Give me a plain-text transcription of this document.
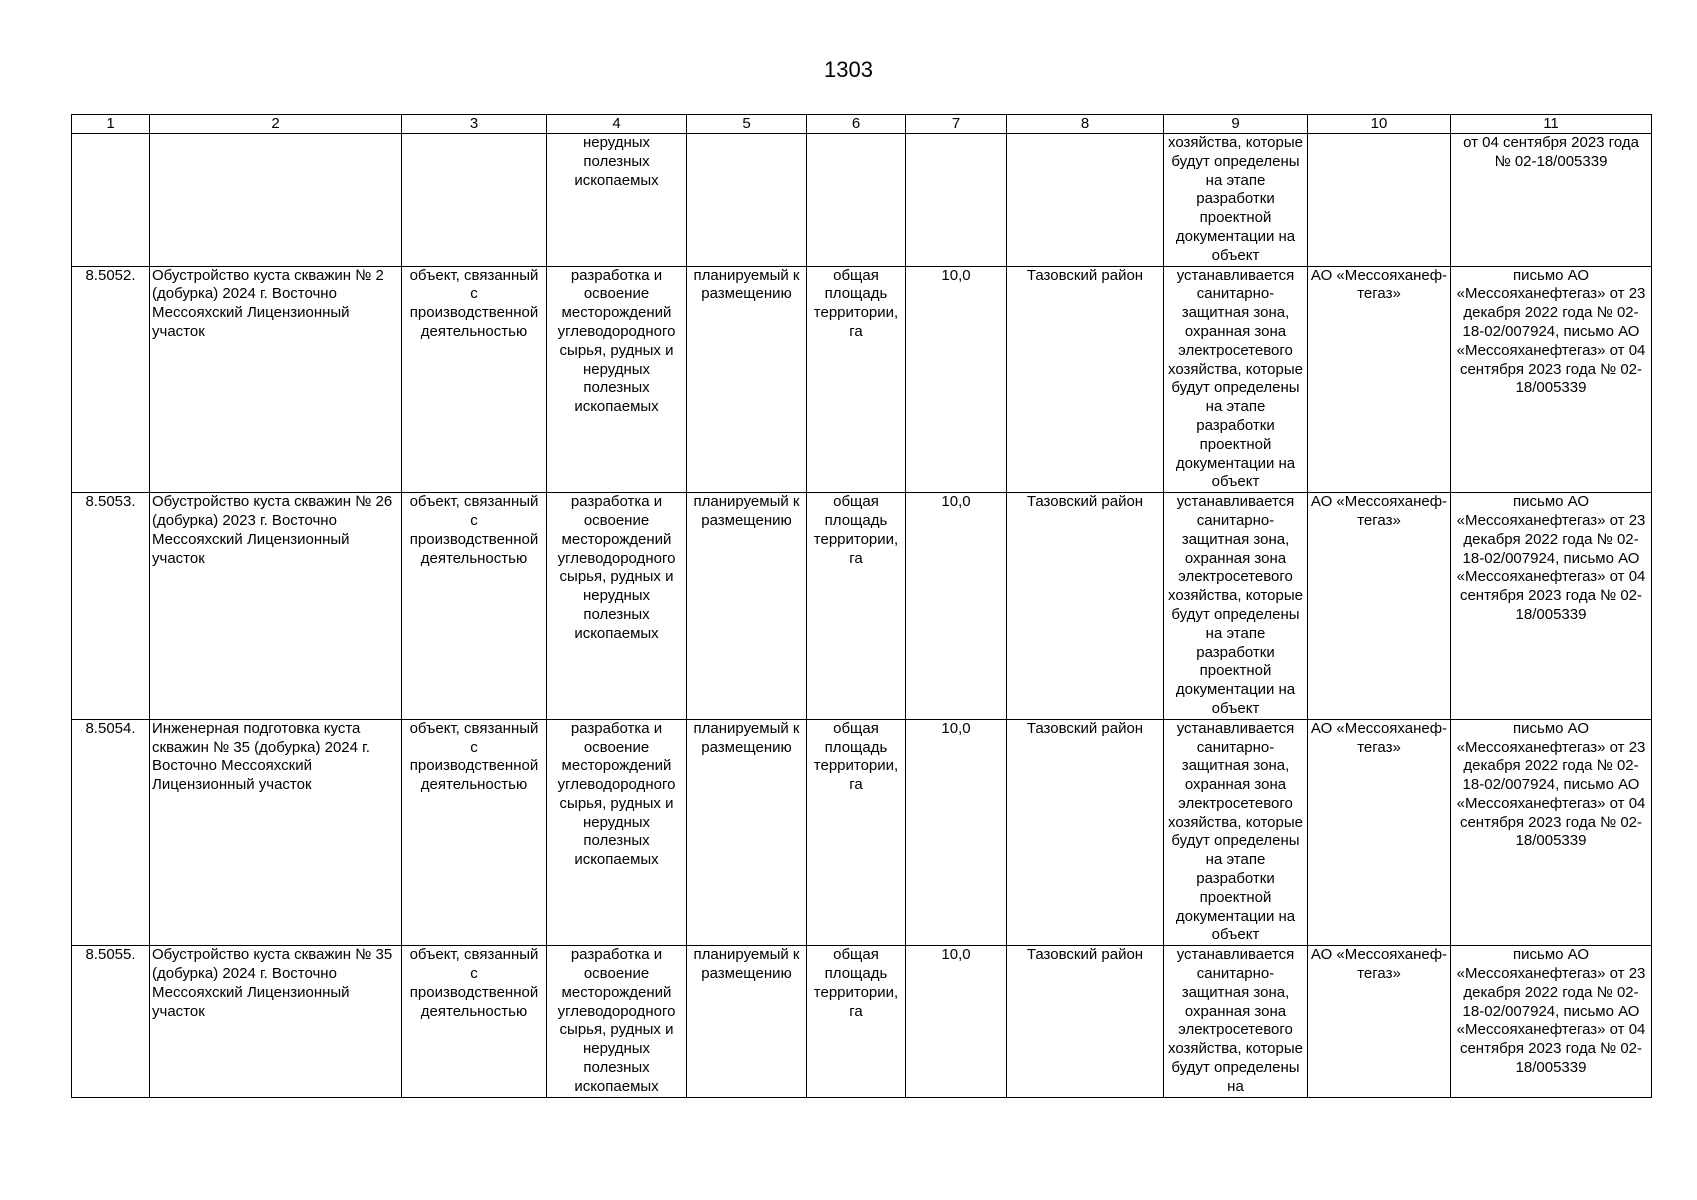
1303
1	2	3	4	5	6	7	8	9	10	11
			нерудных полезных ископаемых					хозяйства, которые будут определены на этапе разработки проектной документации на объект		от 04 сентября 2023 года № 02-18/005339
8.5052.	Обустройство куста скважин № 2 (добурка) 2024 г. Восточно Мессояхский Лицензионный участок	объект, связанный с производственной деятельностью	разработка и освоение месторождений углеводородного сырья, рудных и нерудных полезных ископаемых	планируемый к размещению	общая площадь территории, га	10,0	Тазовский район	устанавливается санитарно-защитная зона, охранная зона электросетевого хозяйства, которые будут определены на этапе разработки проектной документации на объект	АО «Мессояханеф-тегаз»	письмо АО «Мессояханефтегаз» от 23 декабря 2022 года № 02-18-02/007924, письмо АО «Мессояханефтегаз» от 04 сентября 2023 года № 02-18/005339
8.5053.	Обустройство куста скважин № 26 (добурка) 2023 г. Восточно Мессояхский Лицензионный участок	объект, связанный с производственной деятельностью	разработка и освоение месторождений углеводородного сырья, рудных и нерудных полезных ископаемых	планируемый к размещению	общая площадь территории, га	10,0	Тазовский район	устанавливается санитарно-защитная зона, охранная зона электросетевого хозяйства, которые будут определены на этапе разработки проектной документации на объект	АО «Мессояханеф-тегаз»	письмо АО «Мессояханефтегаз» от 23 декабря 2022 года № 02-18-02/007924, письмо АО «Мессояханефтегаз» от 04 сентября 2023 года № 02-18/005339
8.5054.	Инженерная подготовка куста скважин № 35 (добурка) 2024 г. Восточно Мессояхский Лицензионный участок	объект, связанный с производственной деятельностью	разработка и освоение месторождений углеводородного сырья, рудных и нерудных полезных ископаемых	планируемый к размещению	общая площадь территории, га	10,0	Тазовский район	устанавливается санитарно-защитная зона, охранная зона электросетевого хозяйства, которые будут определены на этапе разработки проектной документации на объект	АО «Мессояханеф-тегаз»	письмо АО «Мессояханефтегаз» от 23 декабря 2022 года № 02-18-02/007924, письмо АО «Мессояханефтегаз» от 04 сентября 2023 года № 02-18/005339
8.5055.	Обустройство куста скважин № 35 (добурка) 2024 г. Восточно Мессояхский Лицензионный участок	объект, связанный с производственной деятельностью	разработка и освоение месторождений углеводородного сырья, рудных и нерудных полезных ископаемых	планируемый к размещению	общая площадь территории, га	10,0	Тазовский район	устанавливается санитарно-защитная зона, охранная зона электросетевого хозяйства, которые будут определены на	АО «Мессояханеф-тегаз»	письмо АО «Мессояханефтегаз» от 23 декабря 2022 года № 02-18-02/007924, письмо АО «Мессояханефтегаз» от 04 сентября 2023 года № 02-18/005339
